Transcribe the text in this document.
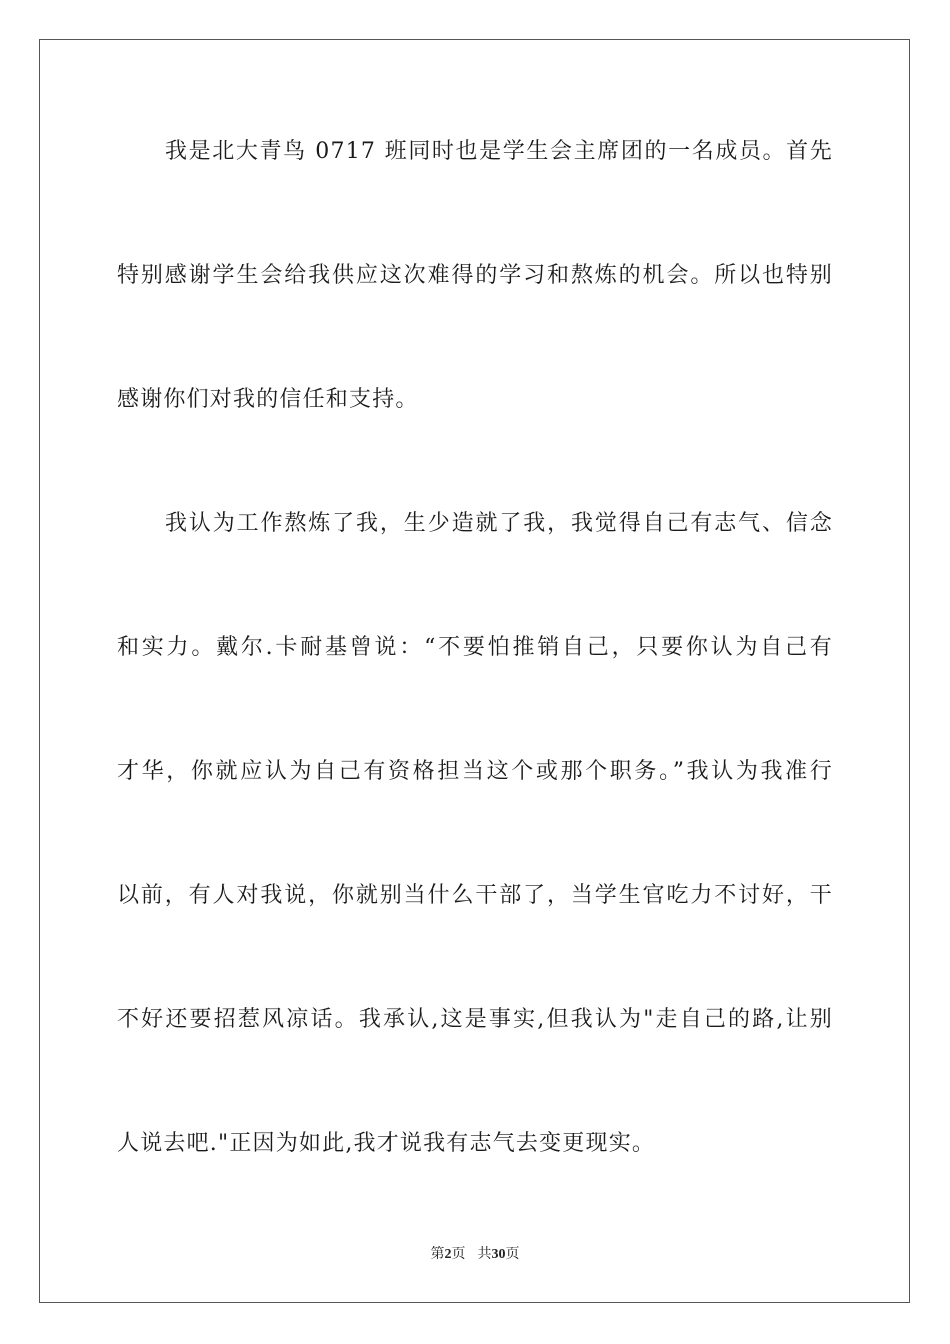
我是北大青鸟 0717 班同时也是学生会主席团的一名成员。首先
特别感谢学生会给我供应这次难得的学习和熬炼的机会。所以也特别
感谢你们对我的信任和支持。
我认为工作熬炼了我，生少造就了我，我觉得自己有志气、信念
和实力。戴尔.卡耐基曾说：“不要怕推销自己，只要你认为自己有
才华，你就应认为自己有资格担当这个或那个职务。”我认为我准行
以前，有人对我说，你就别当什么干部了，当学生官吃力不讨好，干
不好还要招惹风凉话。我承认,这是事实,但我认为"走自己的路,让别
人说去吧."正因为如此,我才说我有志气去变更现实。
第2页 共30页
